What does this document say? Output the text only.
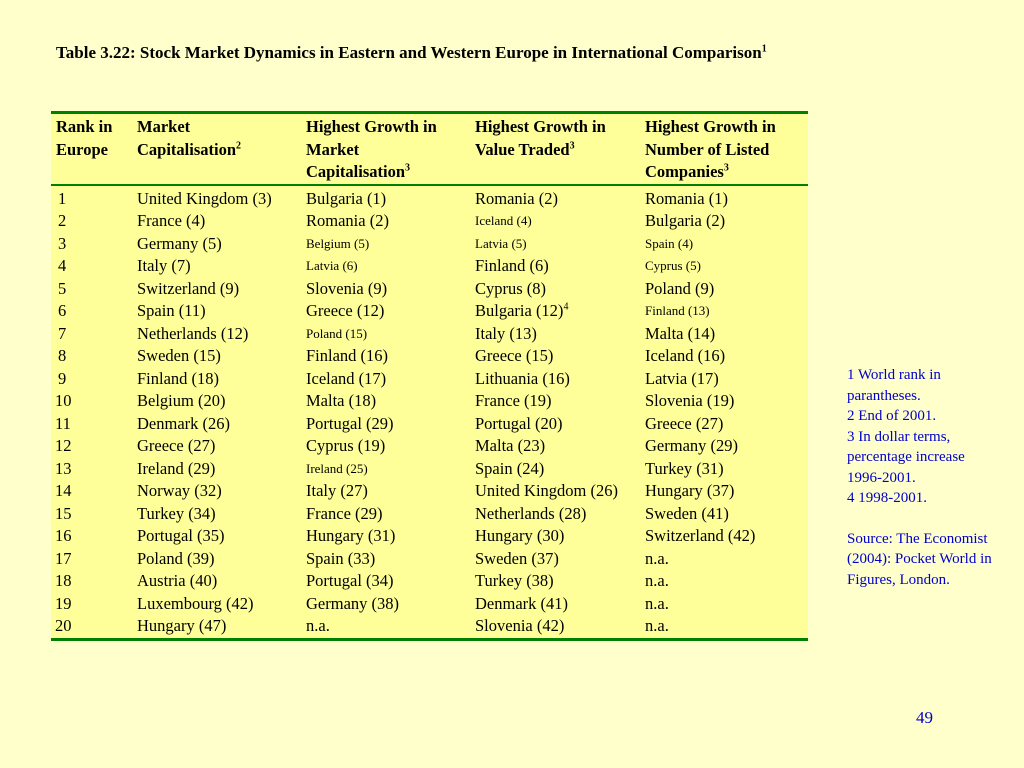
Table 3.22: Stock Market Dynamics in Eastern and Western Europe in International Comparison$^1$
Rank in Europe	Market Capitalisation$^2$	Highest Growth in Market Capitalisation$^3$	Highest Growth in Value Traded$^3$	Highest Growth in Number of Listed Companies$^3$
1	United Kingdom (3)	Bulgaria (1)	Romania (2)	Romania (1)
2	France (4)	Romania (2)	Iceland (4)	Bulgaria (2)
3	Germany (5)	Belgium (5)	Latvia (5)	Spain (4)
4	Italy (7)	Latvia (6)	Finland (6)	Cyprus (5)
5	Switzerland (9)	Slovenia (9)	Cyprus (8)	Poland (9)
6	Spain (11)	Greece (12)	Bulgaria $(12)^4$	Finland (13)
7	Netherlands (12)	Poland (15)	Italy (13)	Malta (14)
8	Sweden (15)	Finland (16)	Greece (15)	Iceland (16)
9	Finland (18)	Iceland (17)	Lithuania (16)	Latvia (17)
10	Belgium (20)	Malta (18)	France (19)	Slovenia (19)
11	Denmark (26)	Portugal (29)	Portugal (20)	Greece (27)
12	Greece (27)	Cyprus (19)	Malta (23)	Germany (29)
13	Ireland (29)	Ireland (25)	Spain (24)	Turkey (31)
14	Norway (32)	Italy (27)	United Kingdom (26)	Hungary (37)
15	Turkey (34)	France (29)	Netherlands (28)	Sweden (41)
16	Portugal (35)	Hungary (31)	Hungary (30)	Switzerland (42)
17	Poland (39)	Spain (33)	Sweden (37)	n.a.
18	Austria (40)	Portugal (34)	Turkey (38)	n.a.
19	Luxembourg (42)	Germany (38)	Denmark (41)	n.a.
20	Hungary (47)	n.a.	Slovenia (42)	n.a.

1 World rank in parantheses.

2 End of 2001.

3 In dollar terms, percentage increase 1996-2001.

4 1998-2001.

Source: The Economist (2004): Pocket World in Figures, London.

49
